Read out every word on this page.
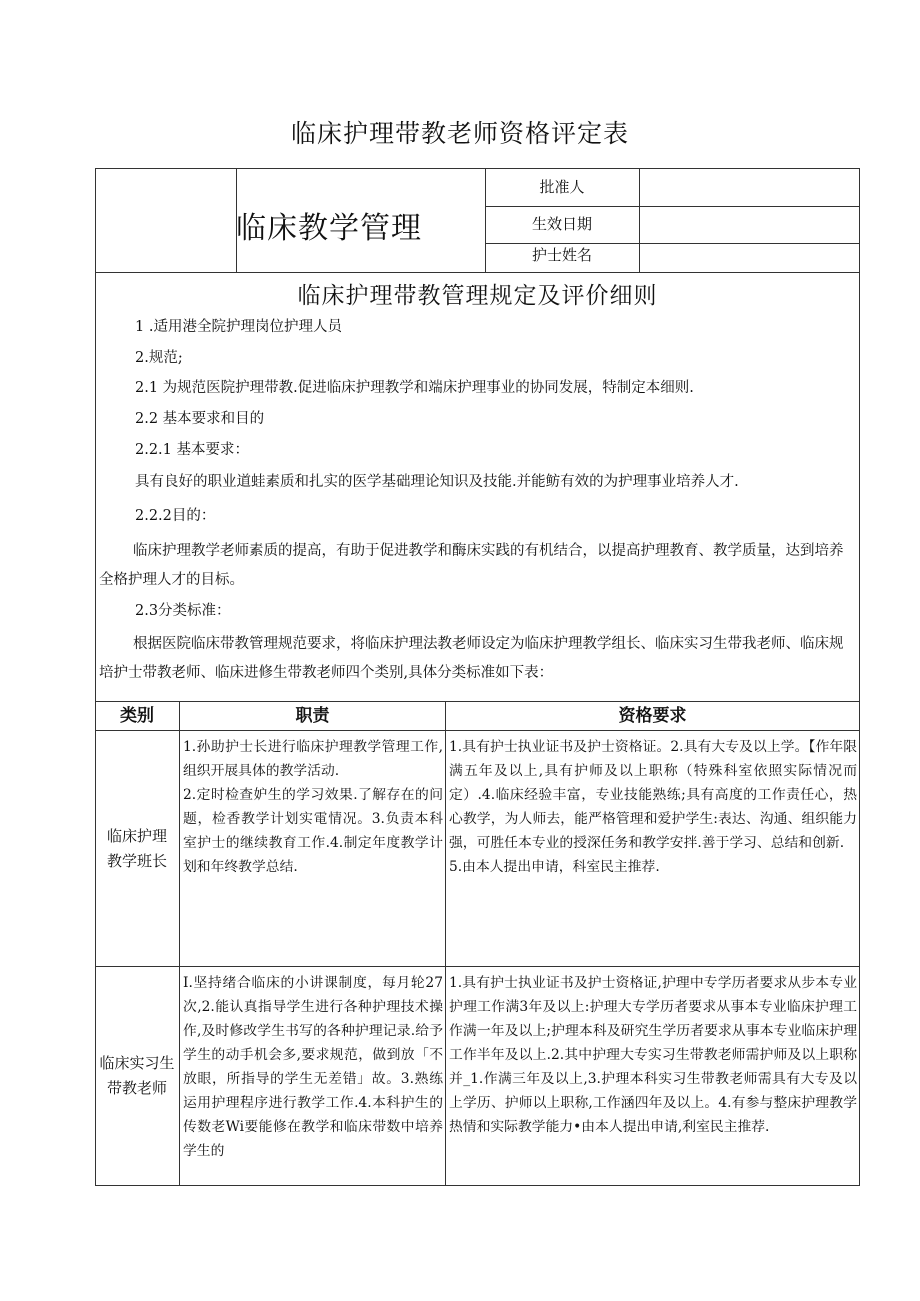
临床护理带教老师资格评定表
临床教学管理
批准人
生效日期
护士姓名
临床护理带教管理规定及评价细则
1 .适用港全院护理岗位护理人员
2.规范;
2.1 为规范医院护理带教.促进临床护理教学和端床护理事业的协同发展，特制定本细则.
2.2 基本要求和目的
2.2.1 基本要求：
具有良好的职业道蛙素质和扎实的医学基础理论知识及技能.并能鲂有效的为护理事业培养人才.
2.2.2目的：
临床护理教学老师素质的提高，有助于促进教学和酶床实践的有机结合，以提高护理教育、教学质量，达到培养全格护理人才的目标。
2.3分类标准：
根据医院临床带教管理规范要求，将临床护理法教老师设定为临床护理教学组长、临床实习生带我老师、临床规培护士带教老师、临床进修生带教老师四个类别,具体分类标准如下表：
类别	职责	资格要求
临床护理教学班长
1.孙助护士长进行临床护理教学管理工作,组织开展具体的教学活动.
2.定时检查妒生的学习效果.了解存在的问题，检香教学计划实電情况。3.负责本科室护士的继续教育工作.4.制定年度教学计划和年终教学总结.
1.具有护士执业证书及护士资格证。2.具有大专及以上学。【作年限满五年及以上,具有护师及以上职称（特殊科室依照实际情况而定）.4.临床经验丰富，专业技能熟练;具有高度的工作责任心，热心教学，为人师去，能严格管理和爱护学生:表达、沟通、组织能力强，可胜任本专业的授深任务和教学安拌.善于学习、总结和创新.
5.由本人提出申请，科室民主推荐.
临床实习生带教老师
I.坚持绪合临床的小讲课制度，每月轮27次,2.能认真指导学生进行各种护理技术操作,及时修改学生书写的各种护理记录.给予学生的动手机会多,要求规范，做到放「不放眼，所指导的学生无差错」故。3.熟练运用护理程序进行教学工作.4.本科护生的传数老Wi要能修在教学和临床带数中培养学生的
1.具有护士执业证书及护士资格证,护理中专学历者要求从步本专业护理工作满3年及以上:护理大专学历者要求从事本专业临床护理工作满一年及以上;护理本科及研究生学历者要求从事本专业临床护理工作半年及以上.2.其中护理大专实习生带教老师需护师及以上职称并_1.作满三年及以上,3.护理本科实习生带教老师需具有大专及以上学历、护师以上职称,工作涵四年及以上。4.有参与整床护理教学热情和实际教学能力•由本人提出申请,利室民主推荐.
